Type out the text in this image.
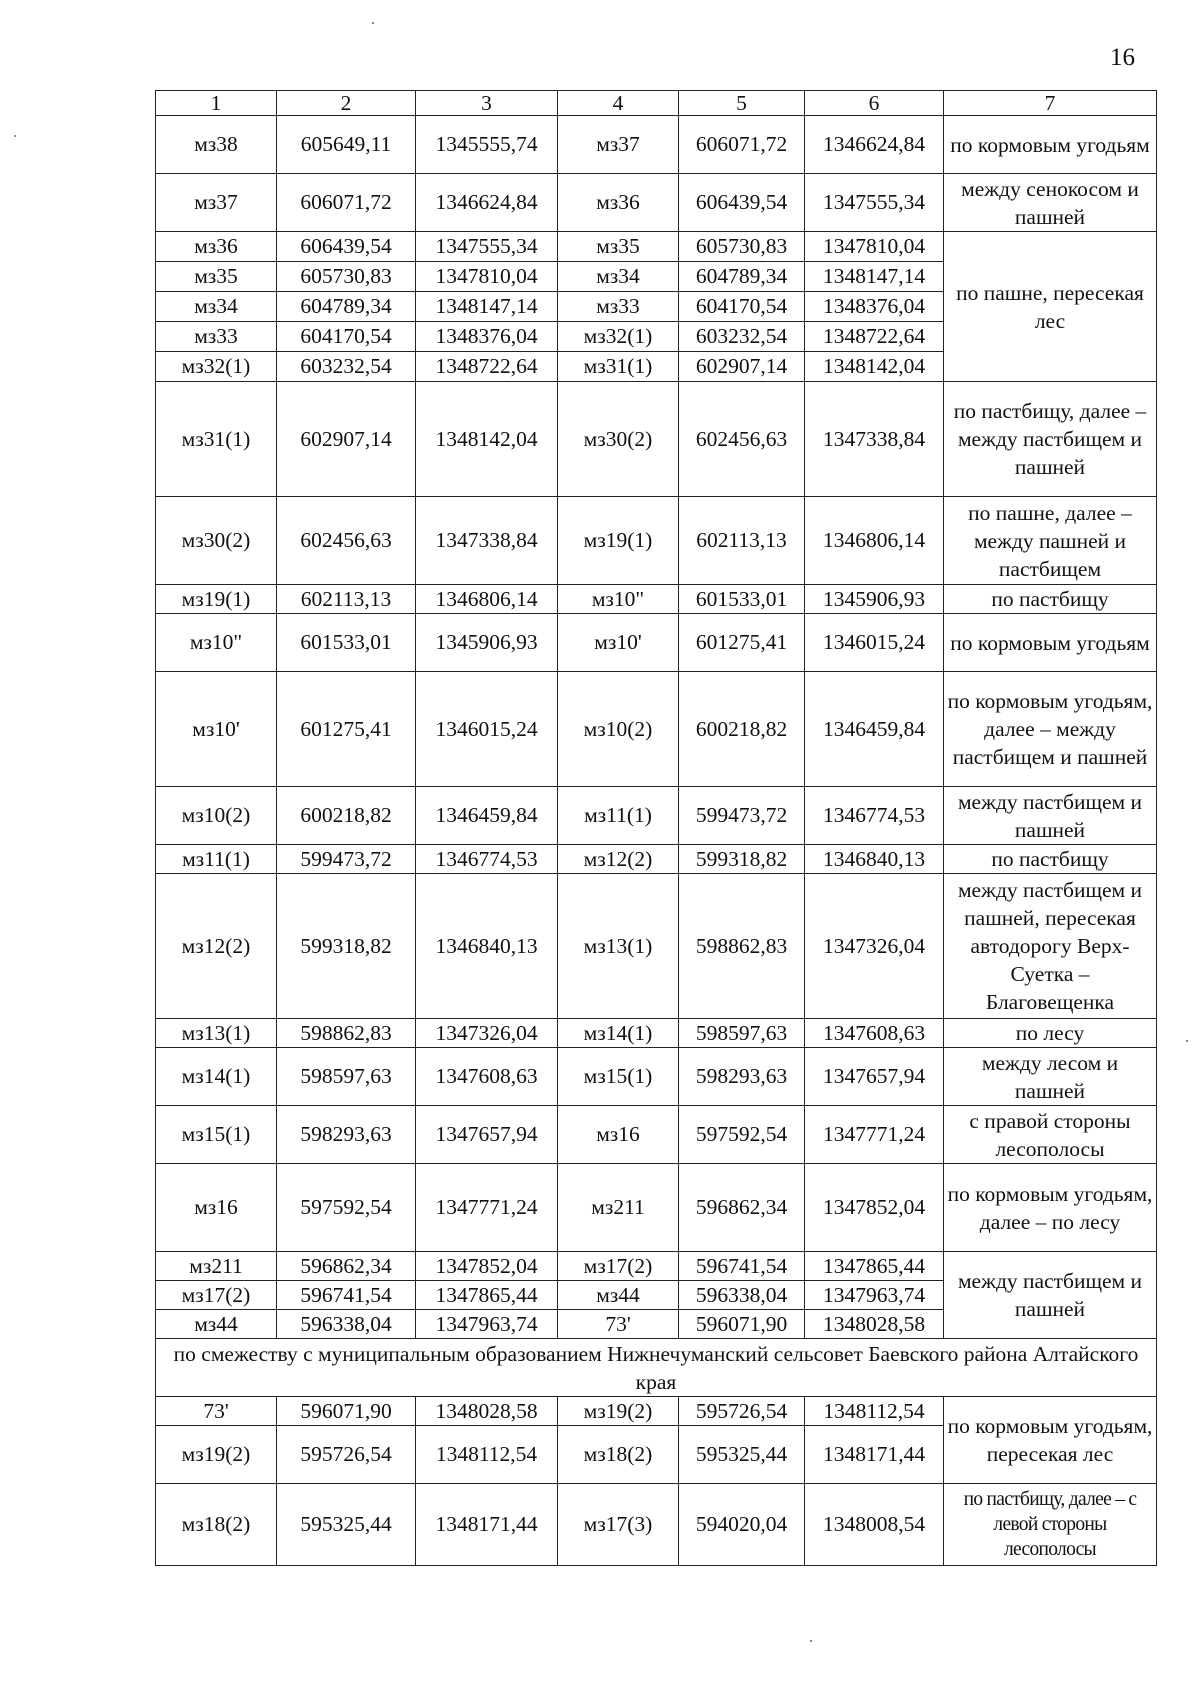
16
1	2	3	4	5	6	7
мз38	605649,11	1345555,74	мз37	606071,72	1346624,84	по кормовым угодьям
мз37	606071,72	1346624,84	мз36	606439,54	1347555,34	между сенокосом и пашней
мз36	606439,54	1347555,34	мз35	605730,83	1347810,04	по пашне, пересекая лес
мз35	605730,83	1347810,04	мз34	604789,34	1348147,14	
мз34	604789,34	1348147,14	мз33	604170,54	1348376,04	
мз33	604170,54	1348376,04	мз32(1)	603232,54	1348722,64	
мз32(1)	603232,54	1348722,64	мз31(1)	602907,14	1348142,04	
мз31(1)	602907,14	1348142,04	мз30(2)	602456,63	1347338,84	по пастбищу, далее – между пастбищем и пашней
мз30(2)	602456,63	1347338,84	мз19(1)	602113,13	1346806,14	по пашне, далее – между пашней и пастбищем
мз19(1)	602113,13	1346806,14	мз10"	601533,01	1345906,93	по пастбищу
мз10"	601533,01	1345906,93	мз10'	601275,41	1346015,24	по кормовым угодьям
мз10'	601275,41	1346015,24	мз10(2)	600218,82	1346459,84	по кормовым угодьям, далее – между пастбищем и пашней
мз10(2)	600218,82	1346459,84	мз11(1)	599473,72	1346774,53	между пастбищем и пашней
мз11(1)	599473,72	1346774,53	мз12(2)	599318,82	1346840,13	по пастбищу
мз12(2)	599318,82	1346840,13	мз13(1)	598862,83	1347326,04	между пастбищем и пашней, пересекая автодорогу Верх-Суетка – Благовещенка
мз13(1)	598862,83	1347326,04	мз14(1)	598597,63	1347608,63	по лесу
мз14(1)	598597,63	1347608,63	мз15(1)	598293,63	1347657,94	между лесом и пашней
мз15(1)	598293,63	1347657,94	мз16	597592,54	1347771,24	с правой стороны лесополосы
мз16	597592,54	1347771,24	мз211	596862,34	1347852,04	по кормовым угодьям, далее – по лесу
мз211	596862,34	1347852,04	мз17(2)	596741,54	1347865,44	между пастбищем и пашней
мз17(2)	596741,54	1347865,44	мз44	596338,04	1347963,74	
мз44	596338,04	1347963,74	73'	596071,90	1348028,58	
по смежеству с муниципальным образованием Нижнечуманский сельсовет Баевского района Алтайского края						
73'	596071,90	1348028,58	мз19(2)	595726,54	1348112,54	по кормовым угодьям, пересекая лес
мз19(2)	595726,54	1348112,54	мз18(2)	595325,44	1348171,44	
мз18(2)	595325,44	1348171,44	мз17(3)	594020,04	1348008,54	по пастбищу, далее – с левой стороны лесополосы
